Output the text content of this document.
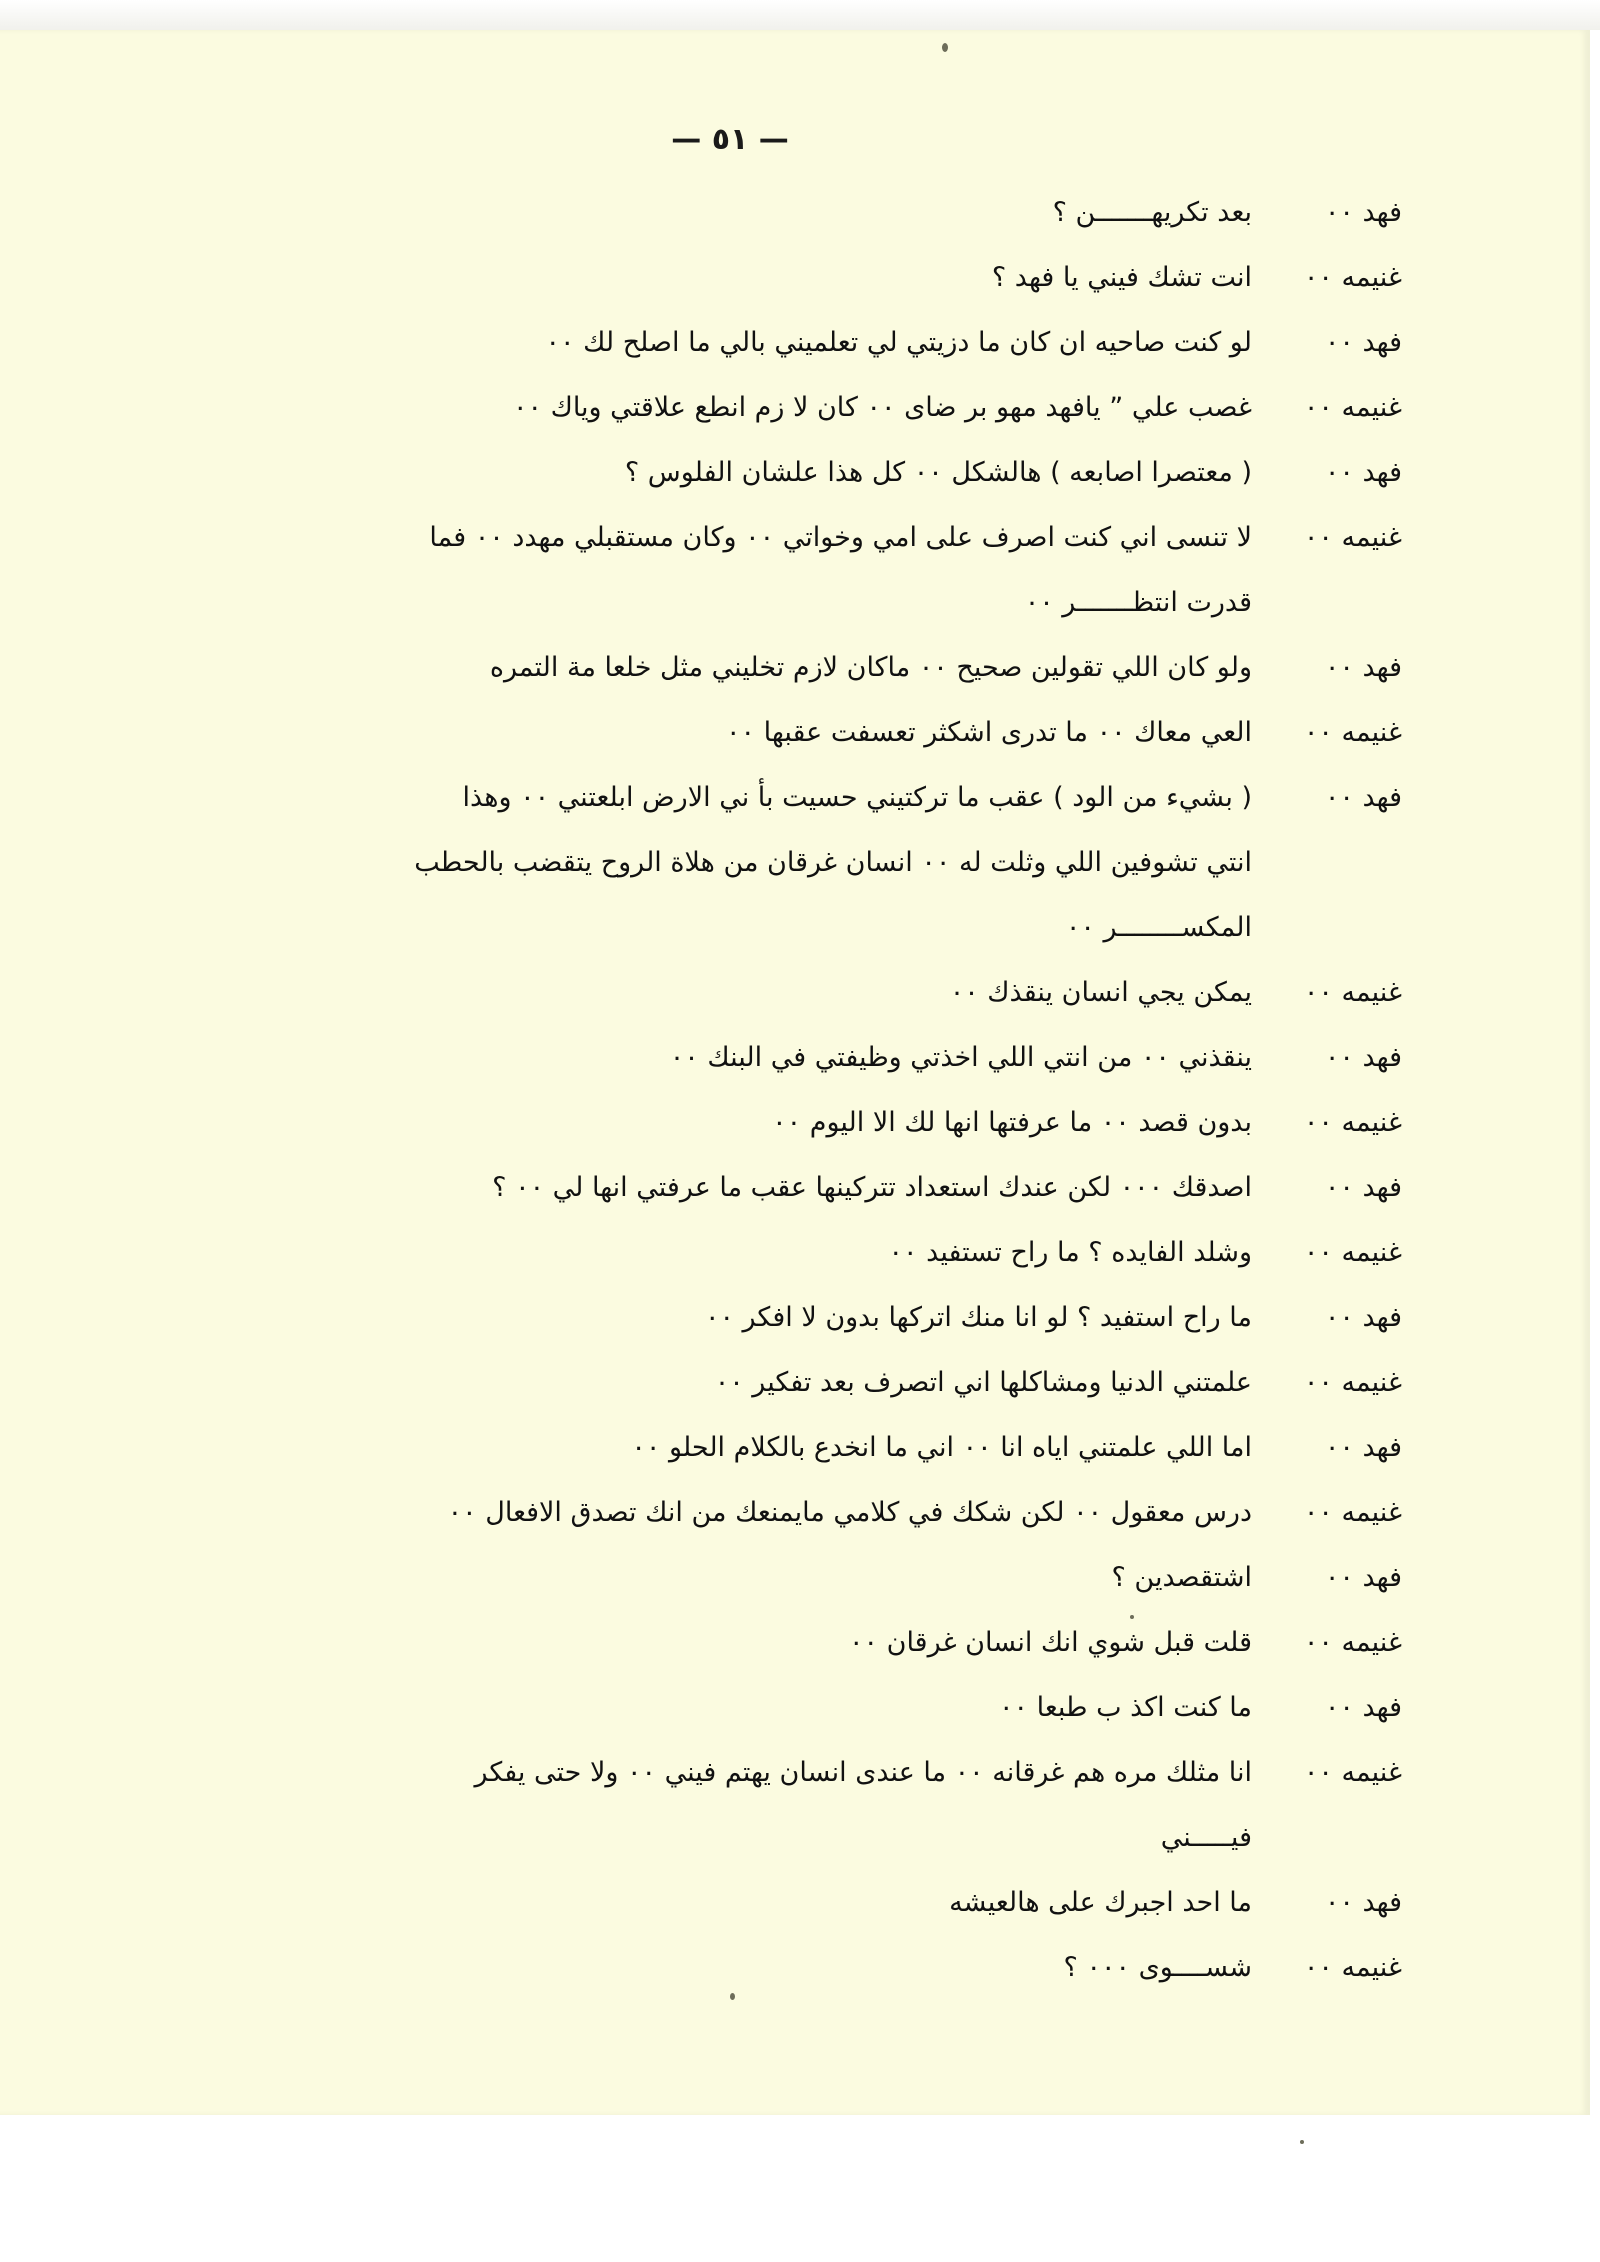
— ٥١ —
فهد ٠٠
بعد تكريهـــــــن ؟
غنيمه ٠٠
انت تشك فيني يا فهد ؟
فهد ٠٠
لو كنت صاحيه ان كان ما دزيتي لي تعلميني بالي ما اصلح لك ٠٠
غنيمه ٠٠
غصب علي ˮ يافهد مهو بر ضاى ٠٠ كان لا زم انطع علاقتي وياك ٠٠
فهد ٠٠
( معتصرا اصابعه ) هالشكل ٠٠ كل هذا علشان الفلوس ؟
غنيمه ٠٠
لا تنسى اني كنت اصرف على امي وخواتي ٠٠ وكان مستقبلي مهدد ٠٠ فما
قدرت انتظـــــــر ٠٠
فهد ٠٠
ولو كان اللي تقولين صحيح ٠٠ ماكان لازم تخليني مثل خلعا مة التمره
غنيمه ٠٠
العي معاك ٠٠ ما تدرى اشكثر تعسفت عقبها ٠٠
فهد ٠٠
( بشيء من الود ) عقب ما تركتيني حسيت بأ ني الارض ابلعتني ٠٠ وهذا
انتي تشوفين اللي وثلت له ٠٠ انسان غرقان من هلاة الروح يتقضب بالحطب
المكســــــــر ٠٠
غنيمه ٠٠
يمكن يجي انسان ينقذك ٠٠
فهد ٠٠
ينقذني ٠٠ من انتي اللي اخذتي وظيفتي في البنك ٠٠
غنيمه ٠٠
بدون قصد ٠٠ ما عرفتها انها لك الا اليوم ٠٠
فهد ٠٠
اصدقك ٠٠٠ لكن عندك استعداد تتركينها عقب ما عرفتي انها لي ٠٠ ؟
غنيمه ٠٠
وشلد الفايده ؟ ما راح تستفيد ٠٠
فهد ٠٠
ما راح استفيد ؟ لو انا منك اتركها بدون لا افكر ٠٠
غنيمه ٠٠
علمتني الدنيا ومشاكلها اني اتصرف بعد تفكير ٠٠
فهد ٠٠
اما اللي علمتني اياه انا ٠٠ اني ما انخدع بالكلام الحلو ٠٠
غنيمه ٠٠
درس معقول ٠٠ لكن شكك في كلامي مايمنعك من انك تصدق الافعال ٠٠
فهد ٠٠
اشتقصدين ؟
غنيمه ٠٠
قلت قبل شوي انك انسان غرقان ٠٠
فهد ٠٠
ما كنت اكذ ب طبعا ٠٠
غنيمه ٠٠
انا مثلك مره هم غرقانه ٠٠ ما عندى انسان يهتم فيني ٠٠ ولا حتى يفكر
فيـــــني
فهد ٠٠
ما احد اجبرك على هالعيشه
غنيمه ٠٠
شســــوى ٠٠٠ ؟
